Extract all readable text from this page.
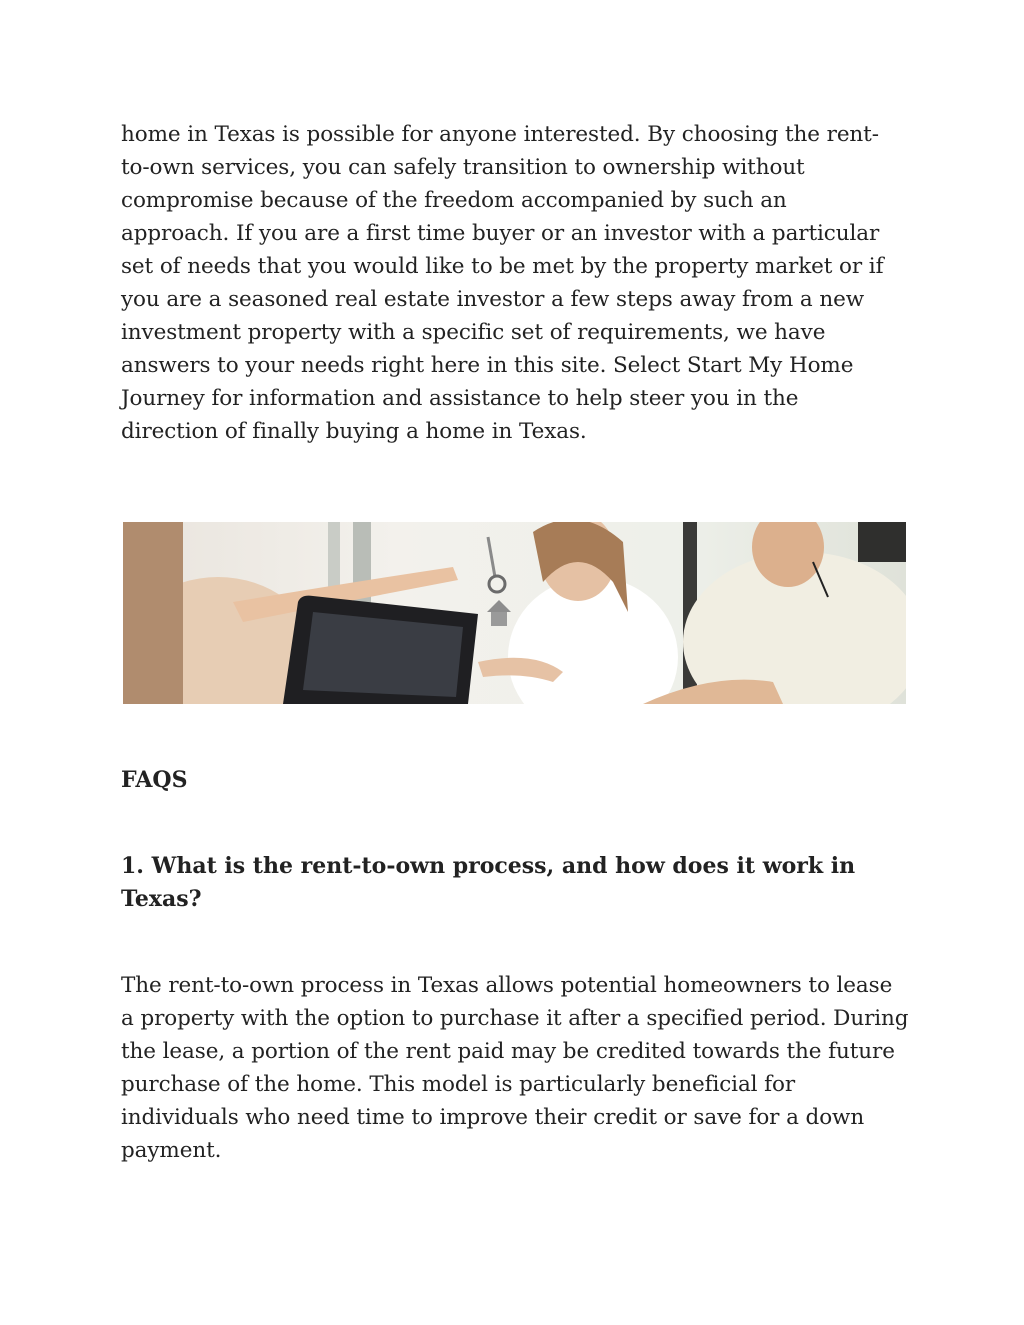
home in Texas is possible for anyone interested. By choosing the rent-to-own services, you can safely transition to ownership without compromise because of the freedom accompanied by such an approach. If you are a first time buyer or an investor with a particular set of needs that you would like to be met by the property market or if you are a seasoned real estate investor a few steps away from a new investment property with a specific set of requirements, we have answers to your needs right here in this site. Select Start My Home Journey for information and assistance to help steer you in the direction of finally buying a home in Texas.

FAQS
1. What is the rent-to-own process, and how does it work in Texas?

The rent-to-own process in Texas allows potential homeowners to lease a property with the option to purchase it after a specified period. During the lease, a portion of the rent paid may be credited towards the future purchase of the home. This model is particularly beneficial for individuals who need time to improve their credit or save for a down payment.
